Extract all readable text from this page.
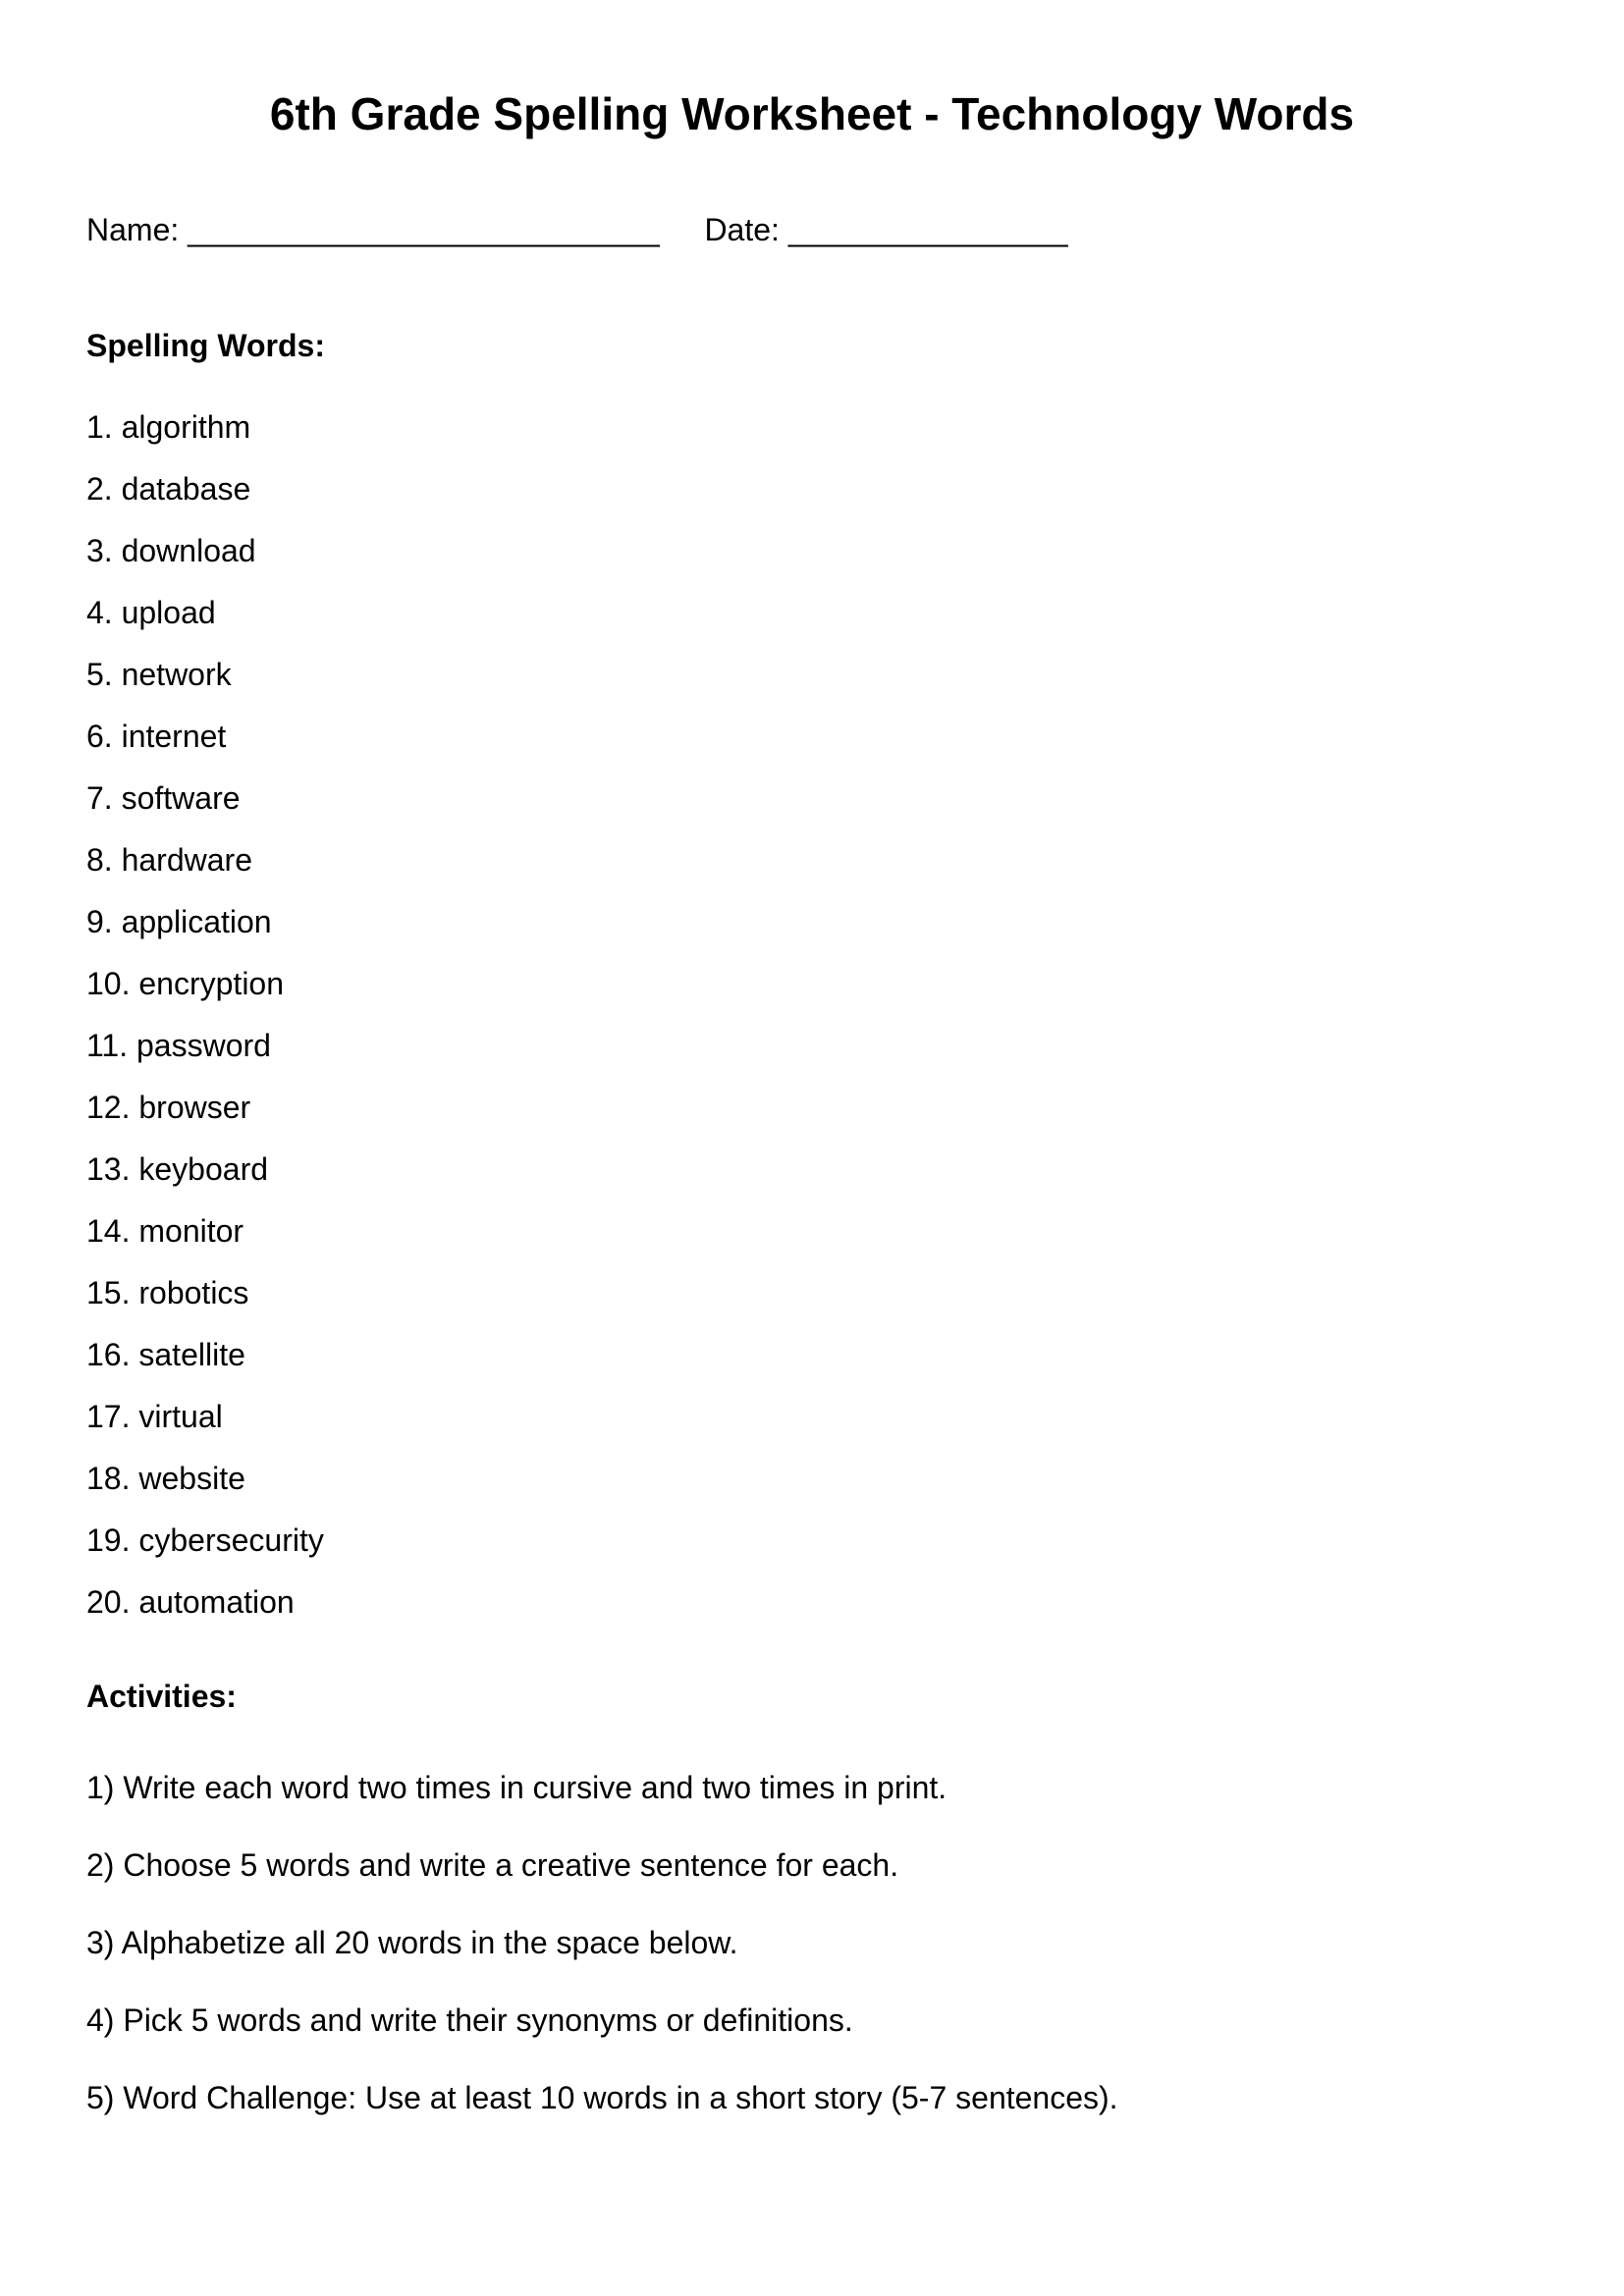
6th Grade Spelling Worksheet - Technology Words
Name: ___________________________ Date: ________________
Spelling Words:
1. algorithm
2. database
3. download
4. upload
5. network
6. internet
7. software
8. hardware
9. application
10. encryption
11. password
12. browser
13. keyboard
14. monitor
15. robotics
16. satellite
17. virtual
18. website
19. cybersecurity
20. automation
Activities:
1) Write each word two times in cursive and two times in print.
2) Choose 5 words and write a creative sentence for each.
3) Alphabetize all 20 words in the space below.
4) Pick 5 words and write their synonyms or definitions.
5) Word Challenge: Use at least 10 words in a short story (5-7 sentences).
